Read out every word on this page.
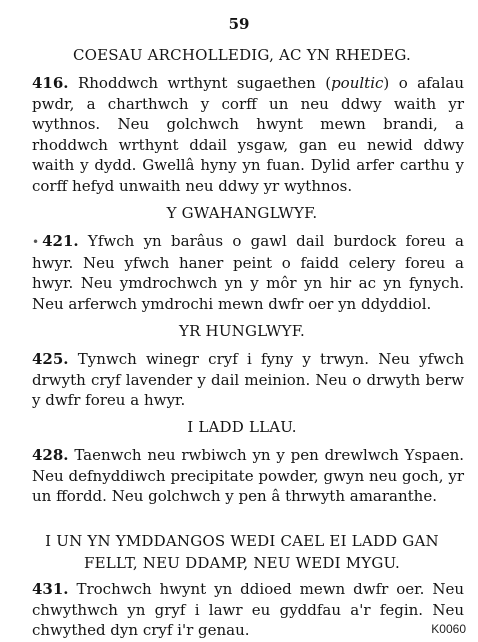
59
COESAU ARCHOLLEDIG, AC YN RHEDEG.

416. Rhoddwch wrthynt sugaethen (poultic) o afalau pwdr, a charthwch y corff un neu ddwy waith yr wythnos. Neu golchwch hwynt mewn brandi, a rhoddwch wrthynt ddail ysgaw, gan eu newid ddwy waith y dydd. Gwellâ hyny yn fuan. Dylid arfer carthu y corff hefyd unwaith neu ddwy yr wythnos.

Y GWAHANGLWYF.

• 421. Yfwch yn barâus o gawl dail burdock foreu a hwyr. Neu yfwch haner peint o faidd celery foreu a hwyr. Neu ymdrochwch yn y môr yn hir ac yn fynych. Neu arferwch ymdrochi mewn dwfr oer yn ddyddiol.

YR HUNGLWYF.

425. Tynwch winegr cryf i fyny y trwyn. Neu yfwch drwyth cryf lavender y dail meinion. Neu o drwyth berw y dwfr foreu a hwyr.

I LADD LLAU.

428. Taenwch neu rwbiwch yn y pen drewlwch Yspaen. Neu defnyddiwch precipitate powder, gwyn neu goch, yr un ffordd. Neu golchwch y pen â thrwyth amaranthe.

I UN YN YMDDANGOS WEDI CAEL EI LADD GAN
FELLT, NEU DDAMP, NEU WEDI MYGU.

431. Trochwch hwynt yn ddioed mewn dwfr oer. Neu chwythwch yn gryf i lawr eu gyddfau a'r fegin. Neu chwythed dyn cryf i'r genau.	K0060
